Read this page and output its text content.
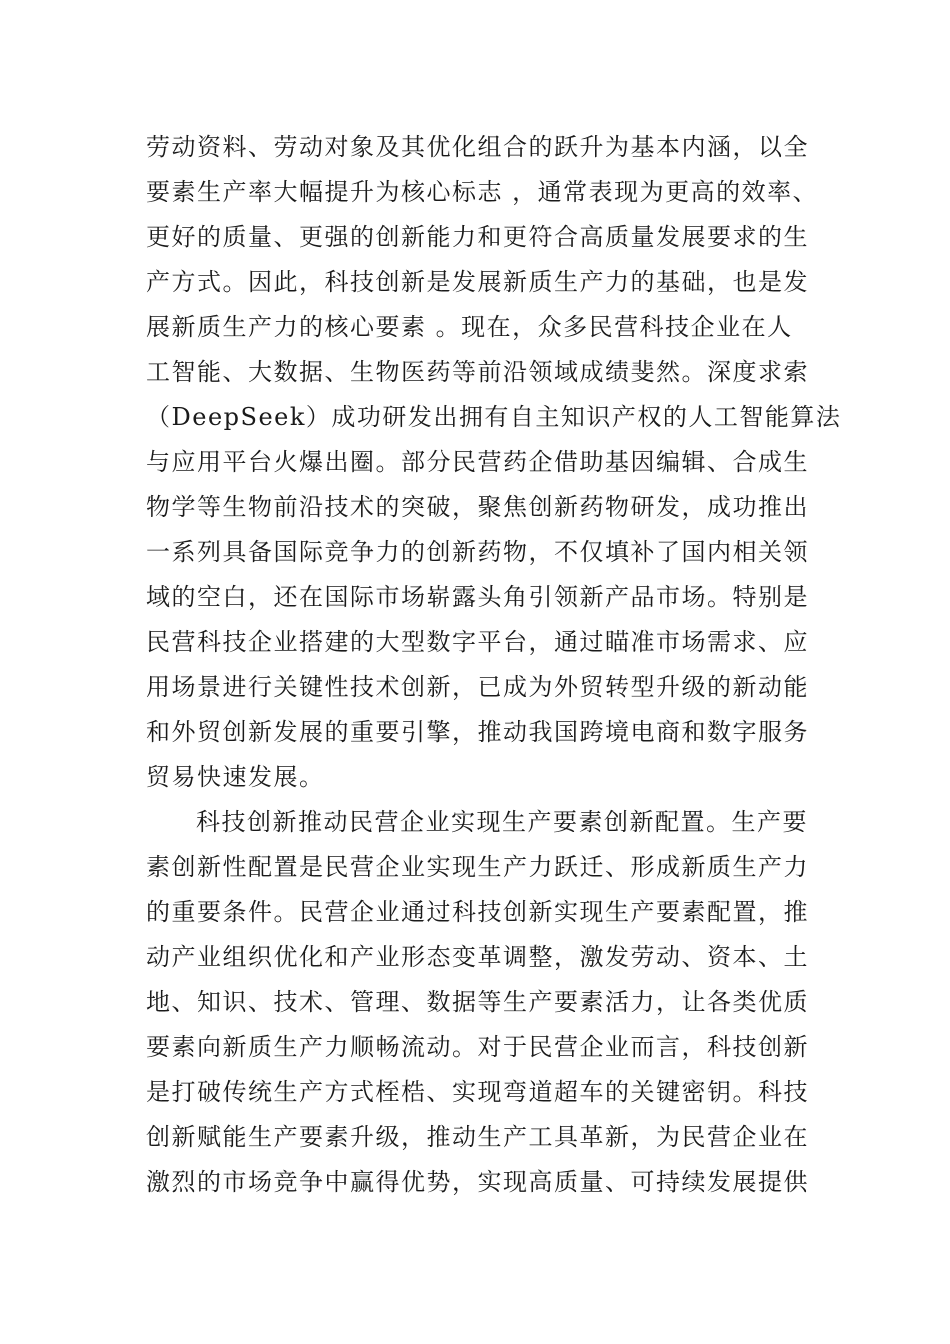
劳动资料、劳动对象及其优化组合的跃升为基本内涵，以全
要素生产率大幅提升为核心标志 ，通常表现为更高的效率、
更好的质量、更强的创新能力和更符合高质量发展要求的生
产方式。因此，科技创新是发展新质生产力的基础，也是发
展新质生产力的核心要素 。现在，众多民营科技企业在人
工智能、大数据、生物医药等前沿领域成绩斐然。深度求索
（DeepSeek）成功研发出拥有自主知识产权的人工智能算法
与应用平台火爆出圈。部分民营药企借助基因编辑、合成生
物学等生物前沿技术的突破，聚焦创新药物研发，成功推出
一系列具备国际竞争力的创新药物，不仅填补了国内相关领
域的空白，还在国际市场崭露头角引领新产品市场。特别是
民营科技企业搭建的大型数字平台，通过瞄准市场需求、应
用场景进行关键性技术创新，已成为外贸转型升级的新动能
和外贸创新发展的重要引擎，推动我国跨境电商和数字服务
贸易快速发展。
科技创新推动民营企业实现生产要素创新配置。生产要
素创新性配置是民营企业实现生产力跃迁、形成新质生产力
的重要条件。民营企业通过科技创新实现生产要素配置，推
动产业组织优化和产业形态变革调整，激发劳动、资本、土
地、知识、技术、管理、数据等生产要素活力，让各类优质
要素向新质生产力顺畅流动。对于民营企业而言，科技创新
是打破传统生产方式桎梏、实现弯道超车的关键密钥。科技
创新赋能生产要素升级，推动生产工具革新，为民营企业在
激烈的市场竞争中赢得优势，实现高质量、可持续发展提供
